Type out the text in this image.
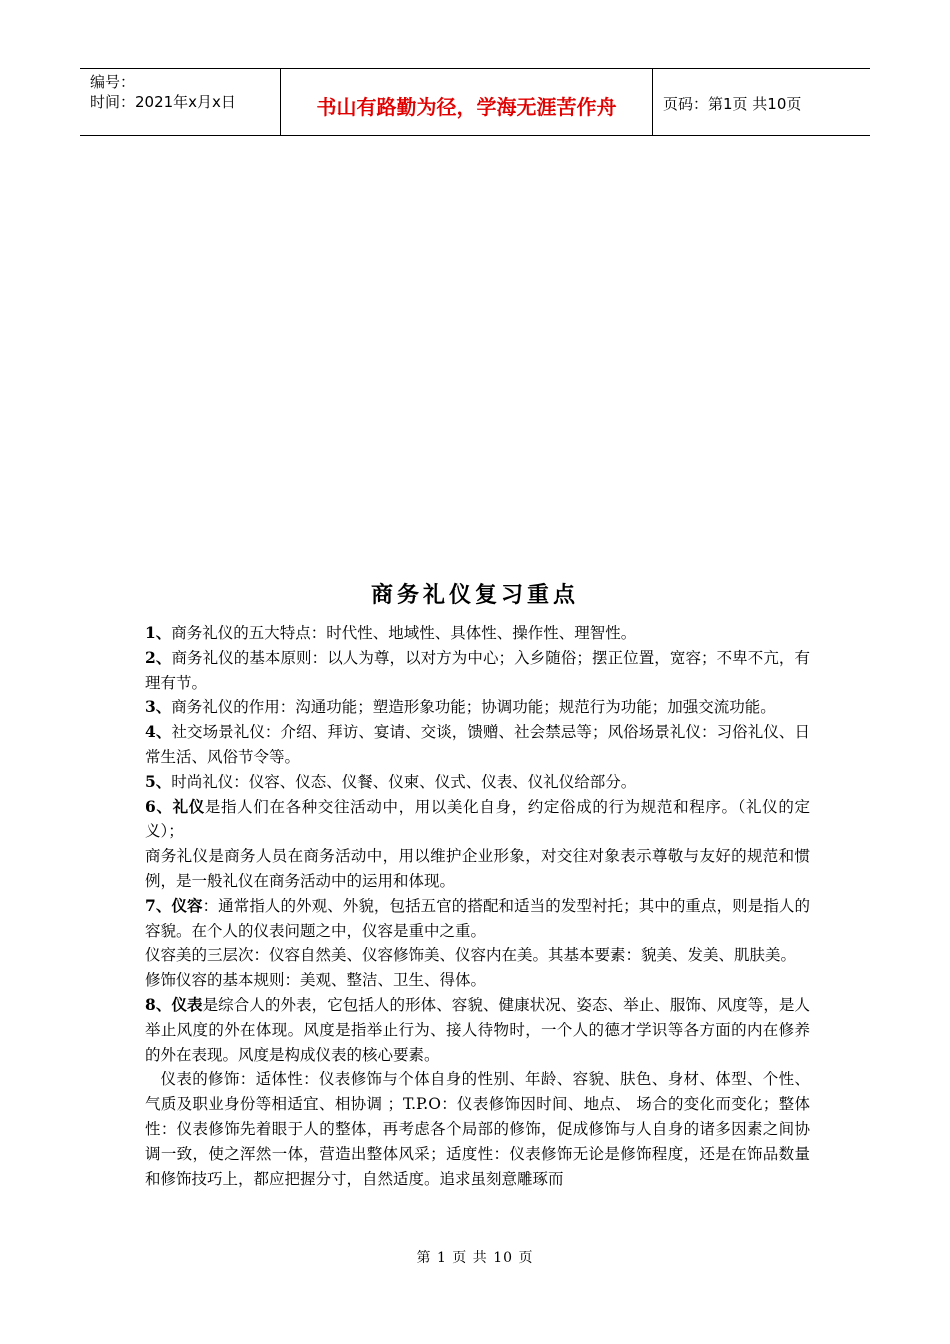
编号：
时间：2021年x月x日	书山有路勤为径，学海无涯苦作舟	页码：第1页 共10页
商务礼仪复习重点

1、商务礼仪的五大特点：时代性、地域性、具体性、操作性、理智性。

2、商务礼仪的基本原则：以人为尊，以对方为中心；入乡随俗；摆正位置，宽容；不卑不亢，有理有节。

3、商务礼仪的作用：沟通功能；塑造形象功能；协调功能；规范行为功能；加强交流功能。

4、社交场景礼仪：介绍、拜访、宴请、交谈，馈赠、社会禁忌等；风俗场景礼仪：习俗礼仪、日常生活、风俗节令等。

5、时尚礼仪：仪容、仪态、仪餐、仪柬、仪式、仪表、仪礼仪给部分。

6、礼仪是指人们在各种交往活动中，用以美化自身，约定俗成的行为规范和程序。（礼仪的定义）；

商务礼仪是商务人员在商务活动中，用以维护企业形象，对交往对象表示尊敬与友好的规范和惯例，是一般礼仪在商务活动中的运用和体现。

7、仪容：通常指人的外观、外貌，包括五官的搭配和适当的发型衬托；其中的重点，则是指人的容貌。在个人的仪表问题之中，仪容是重中之重。

仪容美的三层次：仪容自然美、仪容修饰美、仪容内在美。其基本要素：貌美、发美、肌肤美。

修饰仪容的基本规则：美观、整洁、卫生、得体。

8、仪表是综合人的外表，它包括人的形体、容貌、健康状况、姿态、举止、服饰、风度等，是人举止风度的外在体现。风度是指举止行为、接人待物时，一个人的德才学识等各方面的内在修养的外在表现。风度是构成仪表的核心要素。

仪表的修饰：适体性：仪表修饰与个体自身的性别、年龄、容貌、肤色、身材、体型、个性、气质及职业身份等相适宜、相协调 ；T.P.O：仪表修饰因时间、地点、 场合的变化而变化；整体性：仪表修饰先着眼于人的整体，再考虑各个局部的修饰，促成修饰与人自身的诸多因素之间协调一致，使之浑然一体，营造出整体风采；适度性：仪表修饰无论是修饰程度，还是在饰品数量和修饰技巧上，都应把握分寸，自然适度。追求虽刻意雕琢而

第 1 页 共 10 页
